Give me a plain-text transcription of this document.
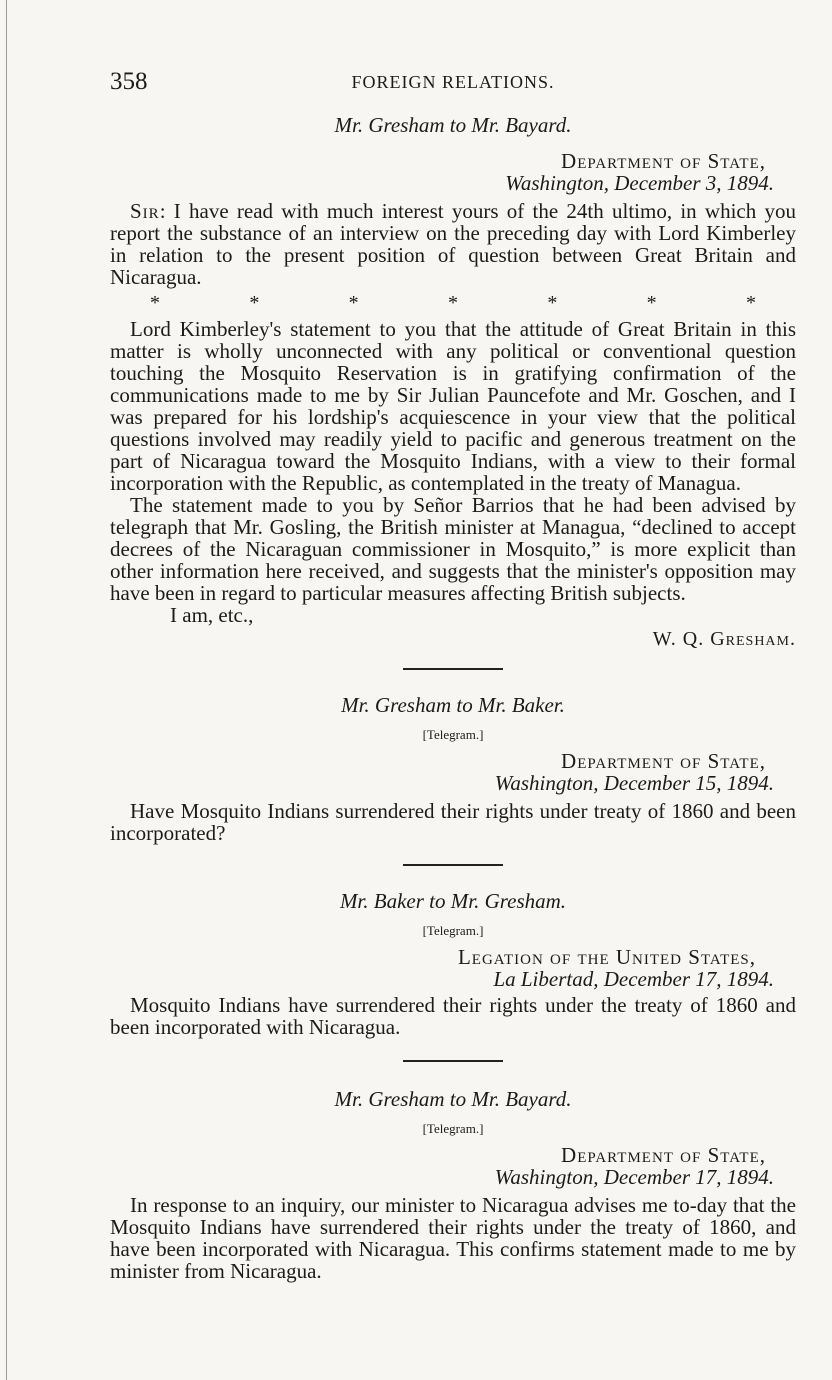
358	FOREIGN RELATIONS.

Mr. Gresham to Mr. Bayard.

Department of State,

Washington, December 3, 1894.

Sir: I have read with much interest yours of the 24th ultimo, in which you report the substance of an interview on the preceding day with Lord Kimberley in relation to the present position of question between Great Britain and Nicaragua.

*	*	*	*	*	*	*

Lord Kimberley's statement to you that the attitude of Great Britain in this matter is wholly unconnected with any political or conventional question touching the Mosquito Reservation is in gratifying confirmation of the communications made to me by Sir Julian Pauncefote and Mr. Goschen, and I was prepared for his lordship's acquiescence in your view that the political questions involved may readily yield to pacific and generous treatment on the part of Nicaragua toward the Mosquito Indians, with a view to their formal incorporation with the Republic, as contemplated in the treaty of Managua.

The statement made to you by Señor Barrios that he had been advised by telegraph that Mr. Gosling, the British minister at Managua, “declined to accept decrees of the Nicaraguan commissioner in Mosquito,” is more explicit than other information here received, and suggests that the minister's opposition may have been in regard to particular measures affecting British subjects.

I am, etc.,

W. Q. Gresham.

Mr. Gresham to Mr. Baker.

[Telegram.]

Department of State,

Washington, December 15, 1894.

Have Mosquito Indians surrendered their rights under treaty of 1860 and been incorporated?

Mr. Baker to Mr. Gresham.

[Telegram.]

Legation of the United States,

La Libertad, December 17, 1894.

Mosquito Indians have surrendered their rights under the treaty of 1860 and been incorporated with Nicaragua.

Mr. Gresham to Mr. Bayard.

[Telegram.]

Department of State,

Washington, December 17, 1894.

In response to an inquiry, our minister to Nicaragua advises me to-day that the Mosquito Indians have surrendered their rights under the treaty of 1860, and have been incorporated with Nicaragua. This confirms statement made to me by minister from Nicaragua.
